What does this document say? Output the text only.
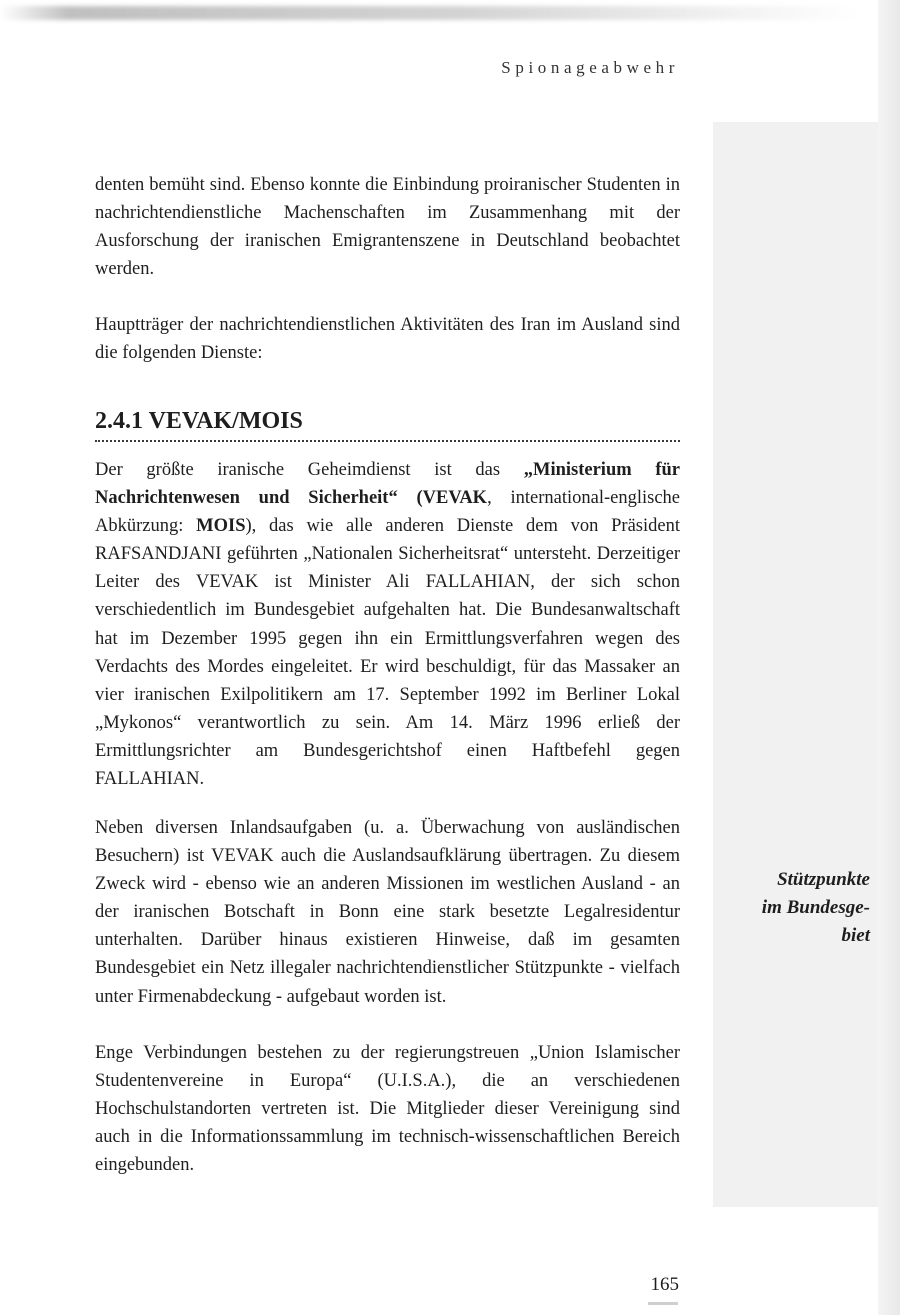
Spionageabwehr

denten bemüht sind. Ebenso konnte die Einbindung proiranischer Studenten in nachrichtendienstliche Machenschaften im Zusammenhang mit der Ausforschung der iranischen Emigrantenszene in Deutschland beobachtet werden.

Hauptträger der nachrichtendienstlichen Aktivitäten des Iran im Ausland sind die folgenden Dienste:

2.4.1 VEVAK/MOIS

Der größte iranische Geheimdienst ist das „Ministerium für Nachrichtenwesen und Sicherheit“ (VEVAK, international-englische Abkürzung: MOIS), das wie alle anderen Dienste dem von Präsident RAFSANDJANI geführten „Nationalen Sicherheitsrat“ untersteht. Derzeitiger Leiter des VEVAK ist Minister Ali FALLAHIAN, der sich schon verschiedentlich im Bundesgebiet aufgehalten hat. Die Bundesanwaltschaft hat im Dezember 1995 gegen ihn ein Ermittlungsverfahren wegen des Verdachts des Mordes eingeleitet. Er wird beschuldigt, für das Massaker an vier iranischen Exilpolitikern am 17. September 1992 im Berliner Lokal „Mykonos“ verantwortlich zu sein. Am 14. März 1996 erließ der Ermittlungsrichter am Bundesgerichtshof einen Haftbefehl gegen FALLAHIAN.

Neben diversen Inlandsaufgaben (u. a. Überwachung von ausländischen Besuchern) ist VEVAK auch die Auslandsaufklärung übertragen. Zu diesem Zweck wird - ebenso wie an anderen Missionen im westlichen Ausland - an der iranischen Botschaft in Bonn eine stark besetzte Legalresidentur unterhalten. Darüber hinaus existieren Hinweise, daß im gesamten Bundesgebiet ein Netz illegaler nachrichtendienstlicher Stützpunkte - vielfach unter Firmenabdeckung - aufgebaut worden ist.

Stützpunkte
im Bundesge-
biet

Enge Verbindungen bestehen zu der regierungstreuen „Union Islamischer Studentenvereine in Europa“ (U.I.S.A.), die an verschiedenen Hochschulstandorten vertreten ist. Die Mitglieder dieser Vereinigung sind auch in die Informationssammlung im technisch-wissenschaftlichen Bereich eingebunden.

165
